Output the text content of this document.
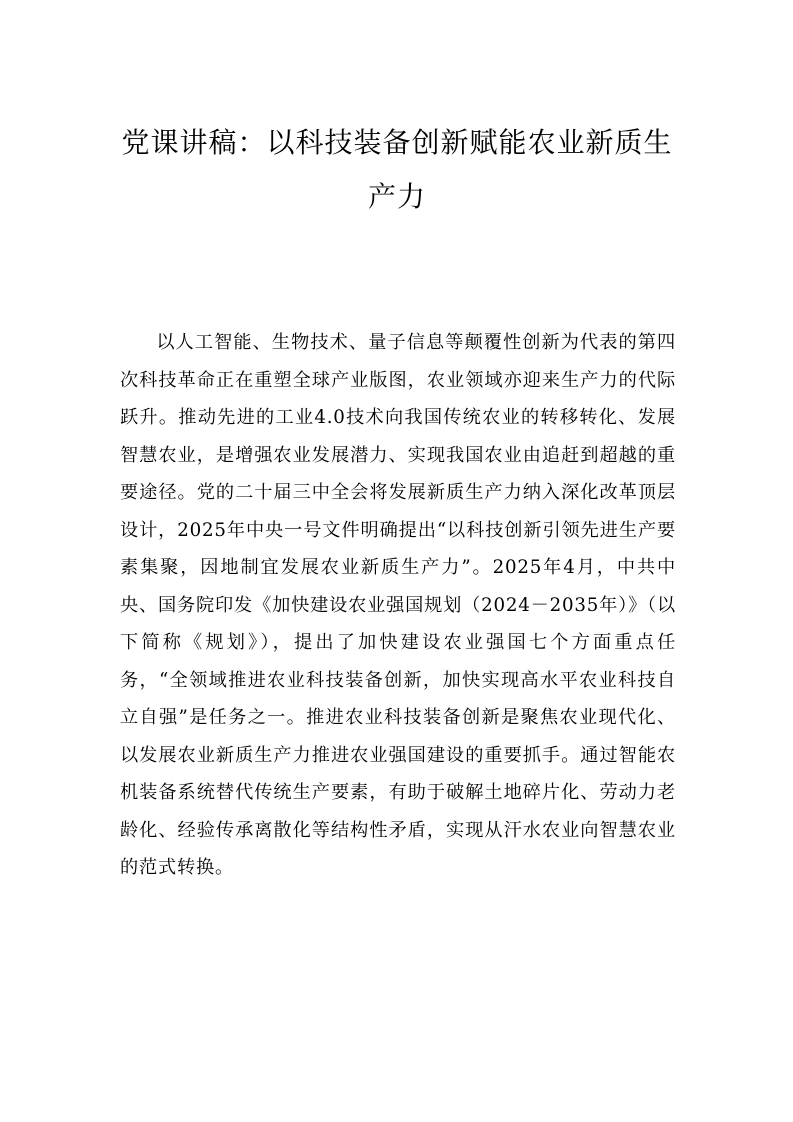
党课讲稿：以科技装备创新赋能农业新质生
产力

以人工智能、生物技术、量子信息等颠覆性创新为代表的第四次科技革命正在重塑全球产业版图，农业领域亦迎来生产力的代际跃升。推动先进的工业4.0技术向我国传统农业的转移转化、发展智慧农业，是增强农业发展潜力、实现我国农业由追赶到超越的重要途径。党的二十届三中全会将发展新质生产力纳入深化改革顶层设计，2025年中央一号文件明确提出“以科技创新引领先进生产要素集聚，因地制宜发展农业新质生产力”。2025年4月，中共中央、国务院印发《加快建设农业强国规划（2024－2035年）》（以下简称《规划》），提出了加快建设农业强国七个方面重点任务，“全领域推进农业科技装备创新，加快实现高水平农业科技自立自强”是任务之一。推进农业科技装备创新是聚焦农业现代化、以发展农业新质生产力推进农业强国建设的重要抓手。通过智能农机装备系统替代传统生产要素，有助于破解土地碎片化、劳动力老龄化、经验传承离散化等结构性矛盾，实现从汗水农业向智慧农业的范式转换。
